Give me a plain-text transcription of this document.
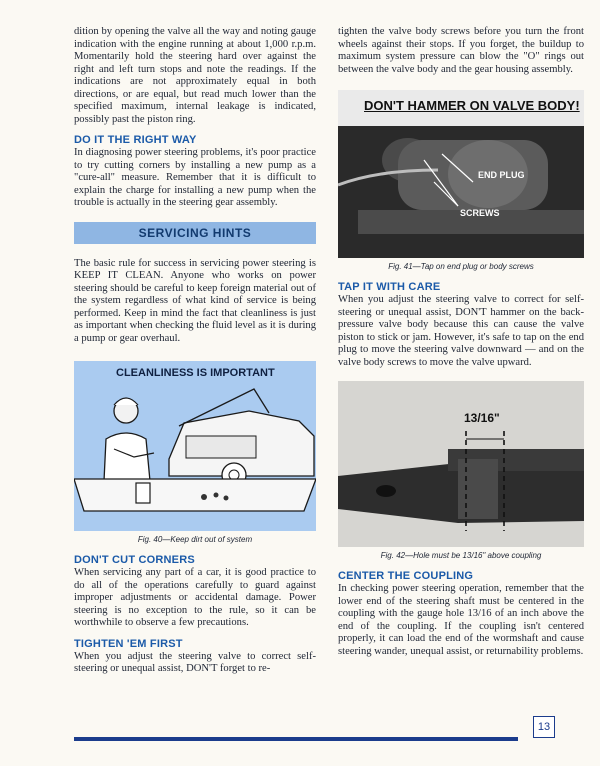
dition by opening the valve all the way and noting gauge indication with the engine running at about 1,000 r.p.m. Momentarily hold the steering hard over against the right and left turn stops and note the readings. If the indications are not approximately equal in both directions, or are equal, but read much lower than the specified maximum, internal leakage is indicated, possibly past the piston ring.

DO IT THE RIGHT WAY

In diagnosing power steering problems, it's poor practice to try cutting corners by installing a new pump as a "cure-all" measure. Remember that it is difficult to explain the charge for installing a new pump when the trouble is actually in the steering gear assembly.

SERVICING HINTS

The basic rule for success in servicing power steering is KEEP IT CLEAN. Anyone who works on power steering should be careful to keep foreign material out of the system regardless of what kind of service is being performed. Keep in mind the fact that cleanliness is just as important when checking the fluid level as it is during a pump or gear overhaul.

CLEANLINESS IS IMPORTANT
Fig. 40—Keep dirt out of system
DON'T CUT CORNERS

When servicing any part of a car, it is good practice to do all of the operations carefully to guard against improper adjustments or accidental damage. Power steering is no exception to the rule, so it can be worthwhile to observe a few precautions.

TIGHTEN 'EM FIRST

When you adjust the steering valve to correct self-steering or unequal assist, DON'T forget to re-

tighten the valve body screws before you turn the front wheels against their stops. If you forget, the buildup to maximum system pressure can blow the "O" rings out between the valve body and the gear housing assembly.

DON'T HAMMER ON VALVE BODY!
END PLUG
SCREWS
Fig. 41—Tap on end plug or body screws
TAP IT WITH CARE

When you adjust the steering valve to correct for self-steering or unequal assist, DON'T hammer on the back-pressure valve body because this can cause the valve piston to stick or jam. However, it's safe to tap on the end plug to move the steering valve downward — and on the valve body screws to move the valve upward.

13/16"
Fig. 42—Hole must be 13/16" above coupling
CENTER THE COUPLING

In checking power steering operation, remember that the lower end of the steering shaft must be centered in the coupling with the gauge hole 13/16 of an inch above the end of the coupling. If the coupling isn't centered properly, it can load the end of the wormshaft and cause steering wander, unequal assist, or returnability problems.

13
